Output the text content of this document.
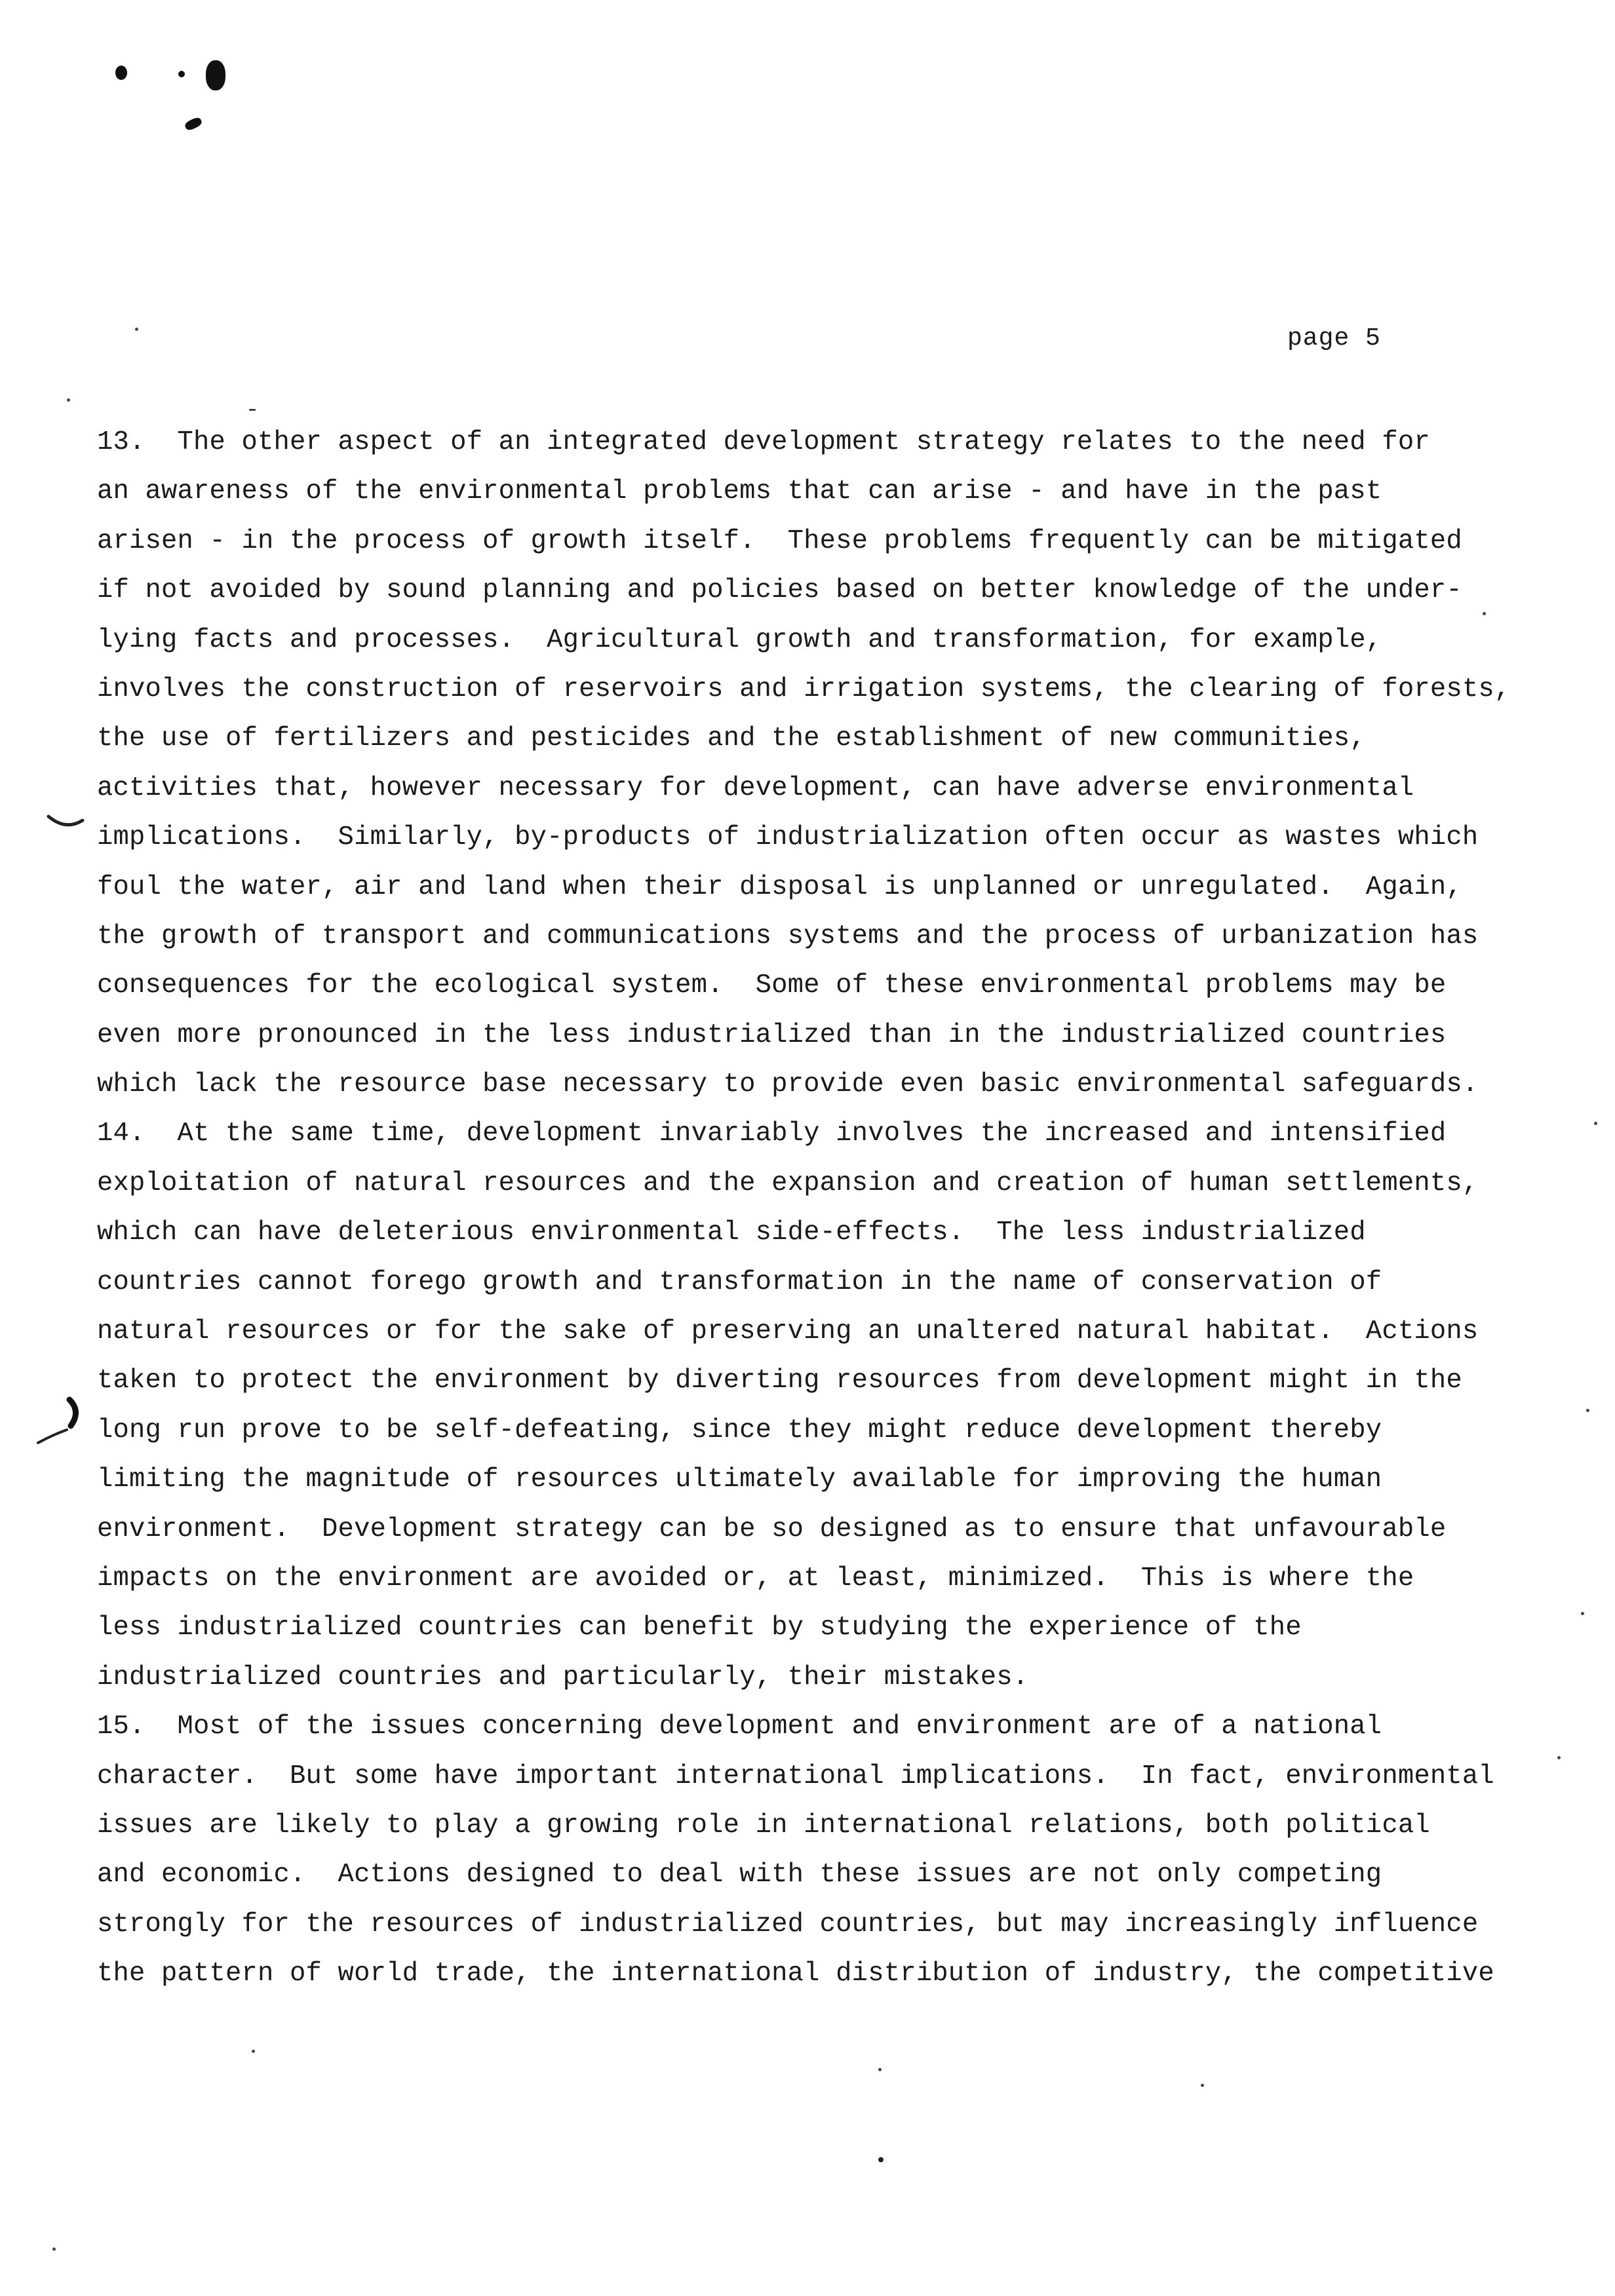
page 5
13.  The other aspect of an integrated development strategy relates to the need for
an awareness of the environmental problems that can arise - and have in the past
arisen - in the process of growth itself.  These problems frequently can be mitigated
if not avoided by sound planning and policies based on better knowledge of the under-
lying facts and processes.  Agricultural growth and transformation, for example,
involves the construction of reservoirs and irrigation systems, the clearing of forests,
the use of fertilizers and pesticides and the establishment of new communities,
activities that, however necessary for development, can have adverse environmental
implications.  Similarly, by-products of industrialization often occur as wastes which
foul the water, air and land when their disposal is unplanned or unregulated.  Again,
the growth of transport and communications systems and the process of urbanization has
consequences for the ecological system.  Some of these environmental problems may be
even more pronounced in the less industrialized than in the industrialized countries
which lack the resource base necessary to provide even basic environmental safeguards.
14.  At the same time, development invariably involves the increased and intensified
exploitation of natural resources and the expansion and creation of human settlements,
which can have deleterious environmental side-effects.  The less industrialized
countries cannot forego growth and transformation in the name of conservation of
natural resources or for the sake of preserving an unaltered natural habitat.  Actions
taken to protect the environment by diverting resources from development might in the
long run prove to be self-defeating, since they might reduce development thereby
limiting the magnitude of resources ultimately available for improving the human
environment.  Development strategy can be so designed as to ensure that unfavourable
impacts on the environment are avoided or, at least, minimized.  This is where the
less industrialized countries can benefit by studying the experience of the
industrialized countries and particularly, their mistakes.
15.  Most of the issues concerning development and environment are of a national
character.  But some have important international implications.  In fact, environmental
issues are likely to play a growing role in international relations, both political
and economic.  Actions designed to deal with these issues are not only competing
strongly for the resources of industrialized countries, but may increasingly influence
the pattern of world trade, the international distribution of industry, the competitive
